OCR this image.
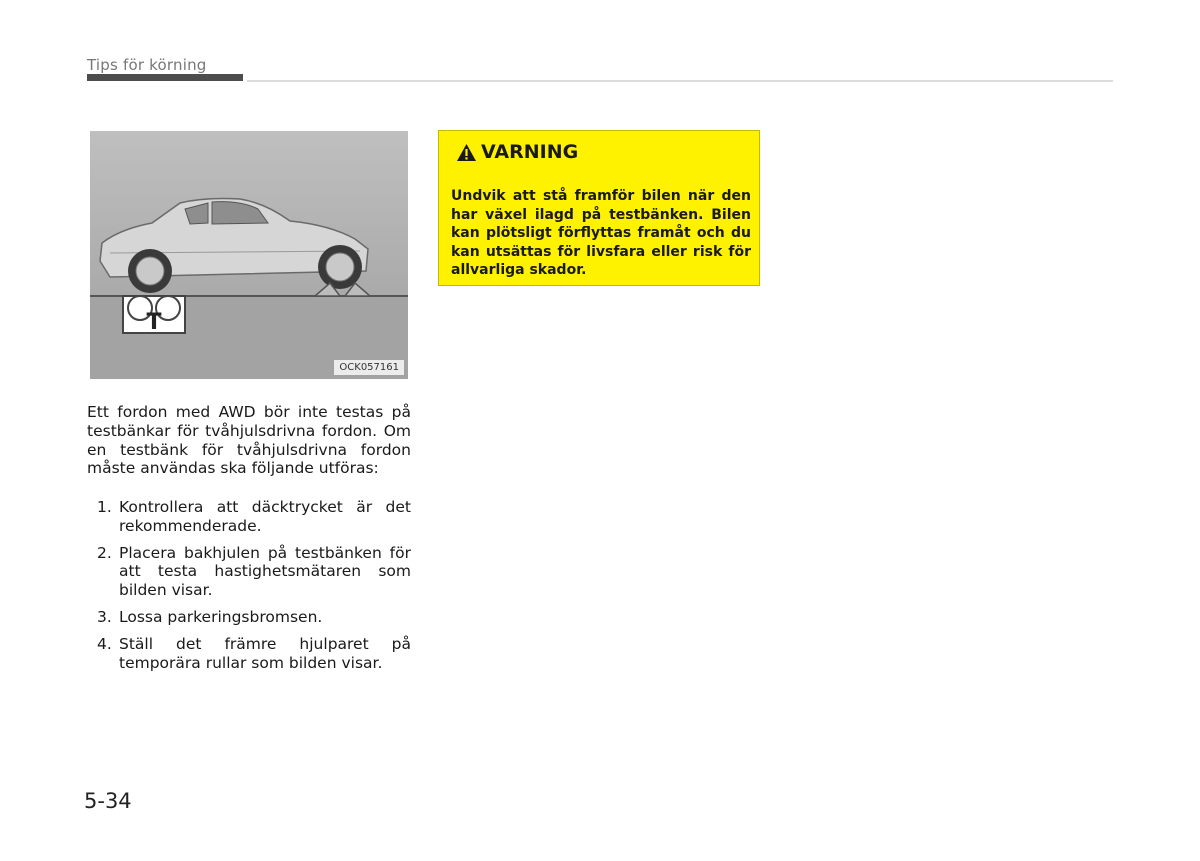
Tips för körning
T
OCK057161
VARNING

Undvik att stå framför bilen när den har växel ilagd på testbänken. Bilen kan plötsligt förflyttas framåt och du kan utsättas för livsfara eller risk för allvarliga skador.

Ett fordon med AWD bör inte testas på testbänkar för tvåhjulsdrivna fordon. Om en testbänk för tvåhjulsdrivna fordon måste användas ska följande utföras:

1. Kontrollera att däcktrycket är det rekommenderade.
2. Placera bakhjulen på testbänken för att testa hastighetsmätaren som bilden visar.
3. Lossa parkeringsbromsen.
4. Ställ det främre hjulparet på temporära rullar som bilden visar.
5-34
